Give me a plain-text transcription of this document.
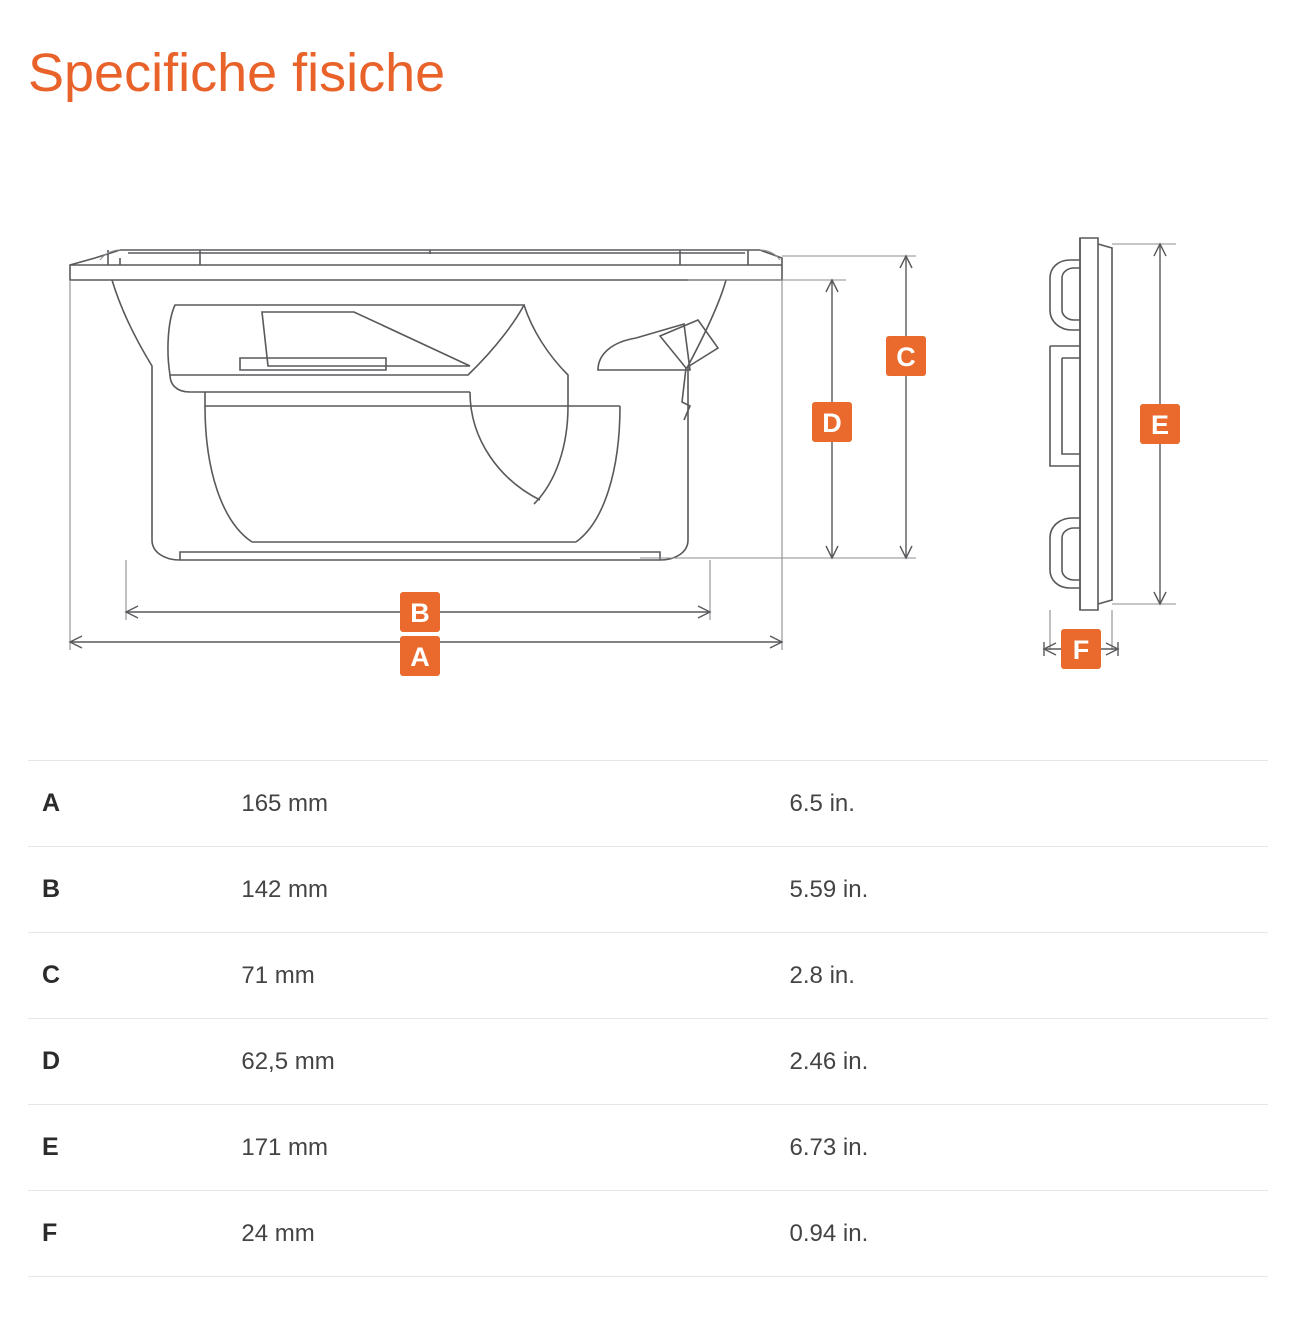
Specifiche fisiche
C
D
B
A
E
F
A	165 mm	6.5 in.
B	142 mm	5.59 in.
C	71 mm	2.8 in.
D	62,5 mm	2.46 in.
E	171 mm	6.73 in.
F	24 mm	0.94 in.
